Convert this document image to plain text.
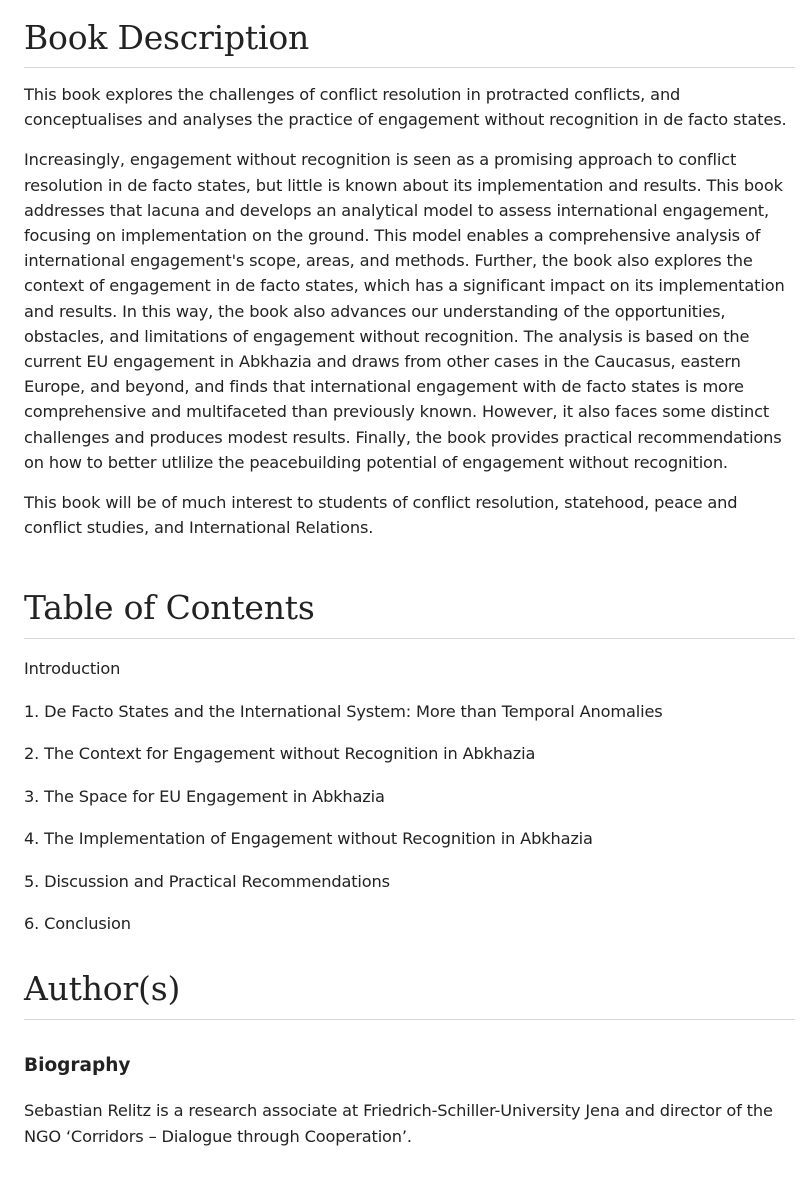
Book Description

This book explores the challenges of conflict resolution in protracted conflicts, and conceptualises and analyses the practice of engagement without recognition in de facto states.

Increasingly, engagement without recognition is seen as a promising approach to conflict resolution in de facto states, but little is known about its implementation and results. This book addresses that lacuna and develops an analytical model to assess international engagement, focusing on implementation on the ground. This model enables a comprehensive analysis of international engagement's scope, areas, and methods. Further, the book also explores the context of engagement in de facto states, which has a significant impact on its implementation and results. In this way, the book also advances our understanding of the opportunities, obstacles, and limitations of engagement without recognition. The analysis is based on the current EU engagement in Abkhazia and draws from other cases in the Caucasus, eastern Europe, and beyond, and finds that international engagement with de facto states is more comprehensive and multifaceted than previously known. However, it also faces some distinct challenges and produces modest results. Finally, the book provides practical recommendations on how to better utlilize the peacebuilding potential of engagement without recognition.

This book will be of much interest to students of conflict resolution, statehood, peace and conflict studies, and International Relations.

Table of Contents

Introduction

1. De Facto States and the International System: More than Temporal Anomalies

2. The Context for Engagement without Recognition in Abkhazia

3. The Space for EU Engagement in Abkhazia

4. The Implementation of Engagement without Recognition in Abkhazia

5. Discussion and Practical Recommendations

6. Conclusion

Author(s)
Biography

Sebastian Relitz is a research associate at Friedrich-Schiller-University Jena and director of the NGO ‘Corridors – Dialogue through Cooperation’.
